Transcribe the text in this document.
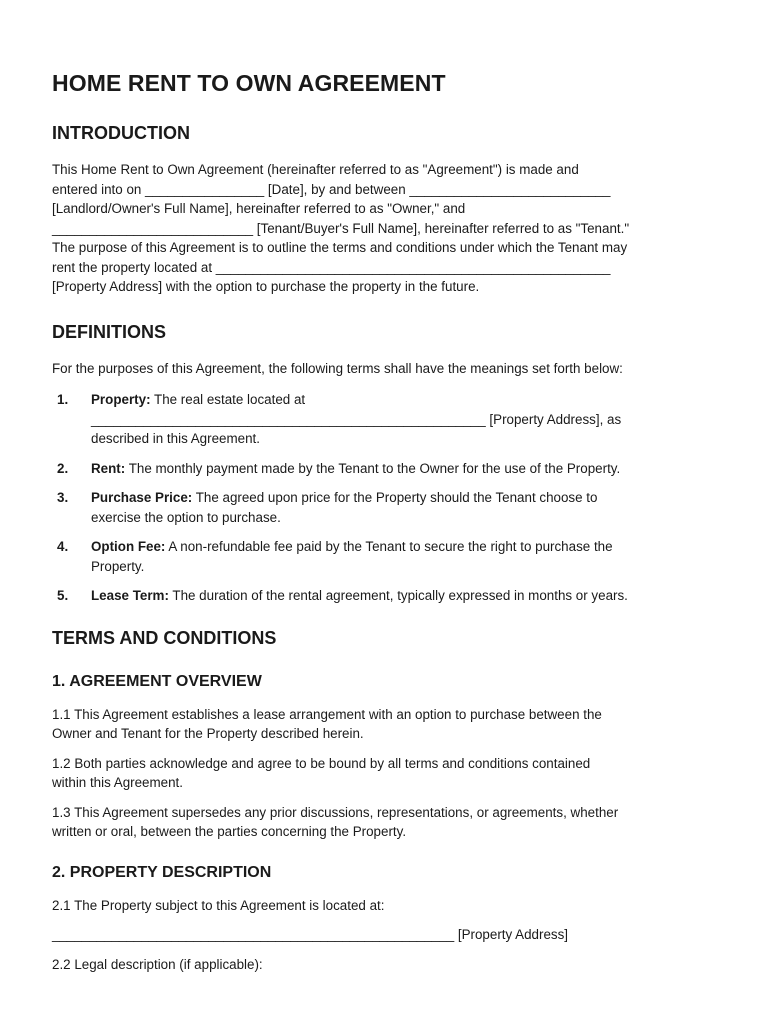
HOME RENT TO OWN AGREEMENT
INTRODUCTION

This Home Rent to Own Agreement (hereinafter referred to as "Agreement") is made and
entered into on ________________ [Date], by and between ___________________________
[Landlord/Owner's Full Name], hereinafter referred to as "Owner," and
___________________________ [Tenant/Buyer's Full Name], hereinafter referred to as "Tenant."
The purpose of this Agreement is to outline the terms and conditions under which the Tenant may
rent the property located at _____________________________________________________
[Property Address] with the option to purchase the property in the future.

DEFINITIONS

For the purposes of this Agreement, the following terms shall have the meanings set forth below:

1.	Property: The real estate located at
_____________________________________________________ [Property Address], as
described in this Agreement.
2.	Rent: The monthly payment made by the Tenant to the Owner for the use of the Property.
3.	Purchase Price: The agreed upon price for the Property should the Tenant choose to
exercise the option to purchase.
4.	Option Fee: A non-refundable fee paid by the Tenant to secure the right to purchase the
Property.
5.	Lease Term: The duration of the rental agreement, typically expressed in months or years.
TERMS AND CONDITIONS
1. AGREEMENT OVERVIEW

1.1 This Agreement establishes a lease arrangement with an option to purchase between the
Owner and Tenant for the Property described herein.

1.2 Both parties acknowledge and agree to be bound by all terms and conditions contained
within this Agreement.

1.3 This Agreement supersedes any prior discussions, representations, or agreements, whether
written or oral, between the parties concerning the Property.

2. PROPERTY DESCRIPTION

2.1 The Property subject to this Agreement is located at:

______________________________________________________ [Property Address]

2.2 Legal description (if applicable):
